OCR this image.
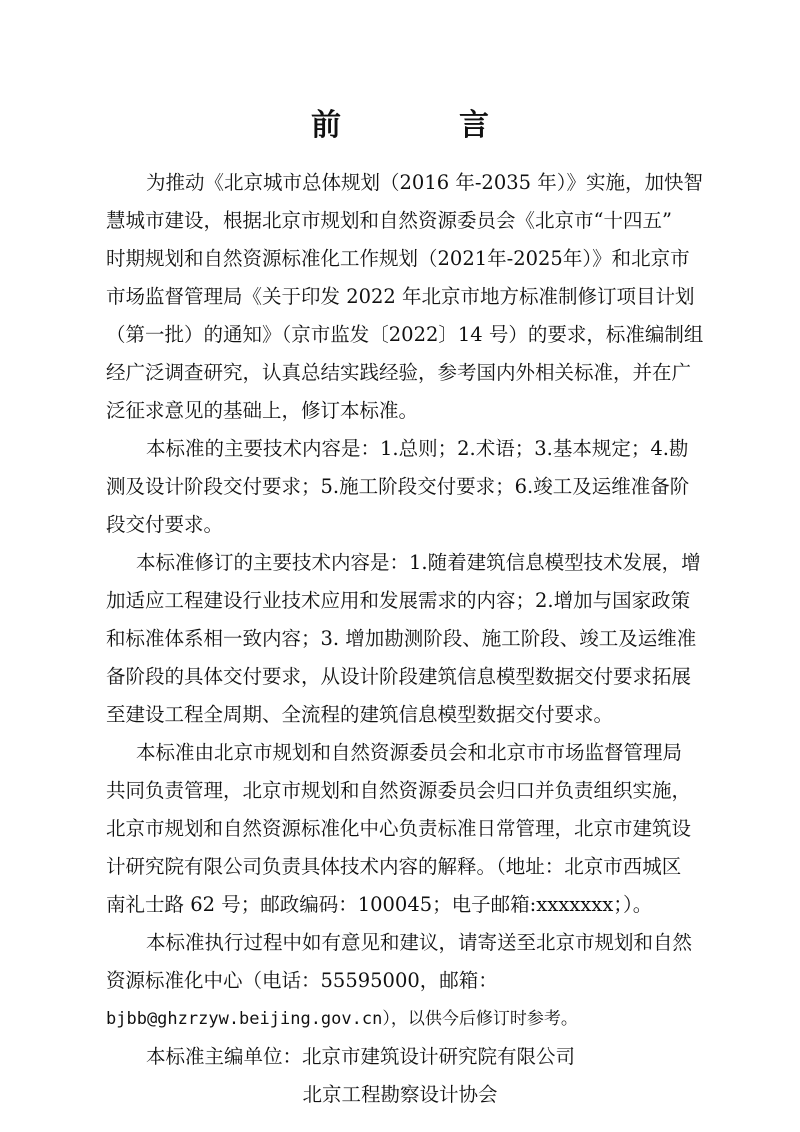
前　言
为推动《北京城市总体规划（2016 年-2035 年）》实施，加快智
慧城市建设，根据北京市规划和自然资源委员会《北京市“十四五”
时期规划和自然资源标准化工作规划（2021年-2025年）》和北京市
市场监督管理局《关于印发 2022 年北京市地方标准制修订项目计划
（第一批）的通知》（京市监发〔2022〕14 号）的要求，标准编制组
经广泛调查研究，认真总结实践经验，参考国内外相关标准，并在广
泛征求意见的基础上，修订本标准。
本标准的主要技术内容是：1.总则；2.术语；3.基本规定；4.勘
测及设计阶段交付要求；5.施工阶段交付要求；6.竣工及运维准备阶
段交付要求。
本标准修订的主要技术内容是：1.随着建筑信息模型技术发展，增
加适应工程建设行业技术应用和发展需求的内容；2.增加与国家政策
和标准体系相一致内容；3. 增加勘测阶段、施工阶段、竣工及运维准
备阶段的具体交付要求，从设计阶段建筑信息模型数据交付要求拓展
至建设工程全周期、全流程的建筑信息模型数据交付要求。
本标准由北京市规划和自然资源委员会和北京市市场监督管理局
共同负责管理，北京市规划和自然资源委员会归口并负责组织实施，
北京市规划和自然资源标准化中心负责标准日常管理，北京市建筑设
计研究院有限公司负责具体技术内容的解释。（地址：北京市西城区
南礼士路 62 号；邮政编码：100045；电子邮箱:xxxxxxx；）。
本标准执行过程中如有意见和建议，请寄送至北京市规划和自然
资源标准化中心（电话：55595000，邮箱：
bjbb@ghzrzyw.beijing.gov.cn），以供今后修订时参考。
本标准主编单位：北京市建筑设计研究院有限公司
北京工程勘察设计协会
